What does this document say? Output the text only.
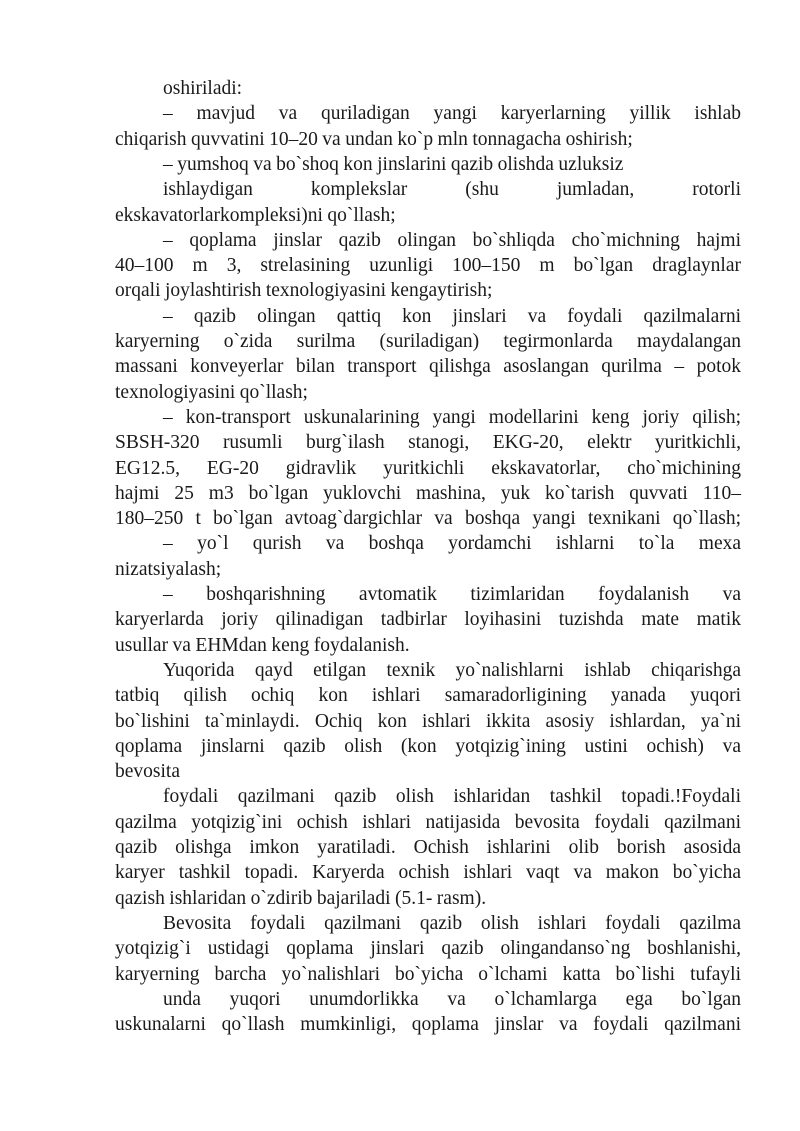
oshiriladi:
– mavjud va quriladigan yangi karyerlarning yillik ishlab
chiqarish quvvatini 10–20 va undan ko`p mln tonnagacha oshirish;
– yumshoq va bo`shoq kon jinslarini qazib olishda uzluksiz
ishlaydigan komplekslar (shu jumladan, rotorli
ekskavatorlarkompleksi)ni qo`llash;
– qoplama jinslar qazib olingan bo`shliqda cho`michning hajmi
40–100 m 3, strelasining uzunligi 100–150 m bo`lgan draglaynlar
orqali joylashtirish texnologiyasini kengaytirish;
– qazib olingan qattiq kon jinslari va foydali qazilmalarni
karyerning o`zida surilma (suriladigan) tegirmonlarda maydalangan
massani konveyerlar bilan transport qilishga asoslangan qurilma – potok
texnologiyasini qo`llash;
– kon-transport uskunalarining yangi modellarini keng joriy qilish;
SBSH-320 rusumli burg`ilash stanogi, EKG-20, elektr yuritkichli,
EG12.5, EG-20 gidravlik yuritkichli ekskavatorlar, cho`michining
hajmi 25 m3 bo`lgan yuklovchi mashina, yuk ko`tarish quvvati 110–
180–250 t bo`lgan avtoag`dargichlar va boshqa yangi texnikani qo`llash;
– yo`l qurish va boshqa yordamchi ishlarni to`la mexa
nizatsiyalash;
– boshqarishning avtomatik tizimlaridan foydalanish va
karyerlarda joriy qilinadigan tadbirlar loyihasini tuzishda mate matik
usullar va EHMdan keng foydalanish.
Yuqorida qayd etilgan texnik yo`nalishlarni ishlab chiqarishga
tatbiq qilish ochiq kon ishlari samaradorligining yanada yuqori
bo`lishini ta`minlaydi. Ochiq kon ishlari ikkita asosiy ishlardan, ya`ni
qoplama jinslarni qazib olish (kon yotqizig`ining ustini ochish) va
bevosita
foydali qazilmani qazib olish ishlaridan tashkil topadi.!Foydali
qazilma yotqizig`ini ochish ishlari natijasida bevosita foydali qazilmani
qazib olishga imkon yaratiladi. Ochish ishlarini olib borish asosida
karyer tashkil topadi. Karyerda ochish ishlari vaqt va makon bo`yicha
qazish ishlaridan o`zdirib bajariladi (5.1- rasm).
Bevosita foydali qazilmani qazib olish ishlari foydali qazilma
yotqizig`i ustidagi qoplama jinslari qazib olingandanso`ng boshlanishi,
karyerning barcha yo`nalishlari bo`yicha o`lchami katta bo`lishi tufayli
unda yuqori unumdorlikka va o`lchamlarga ega bo`lgan
uskunalarni qo`llash mumkinligi, qoplama jinslar va foydali qazilmani
